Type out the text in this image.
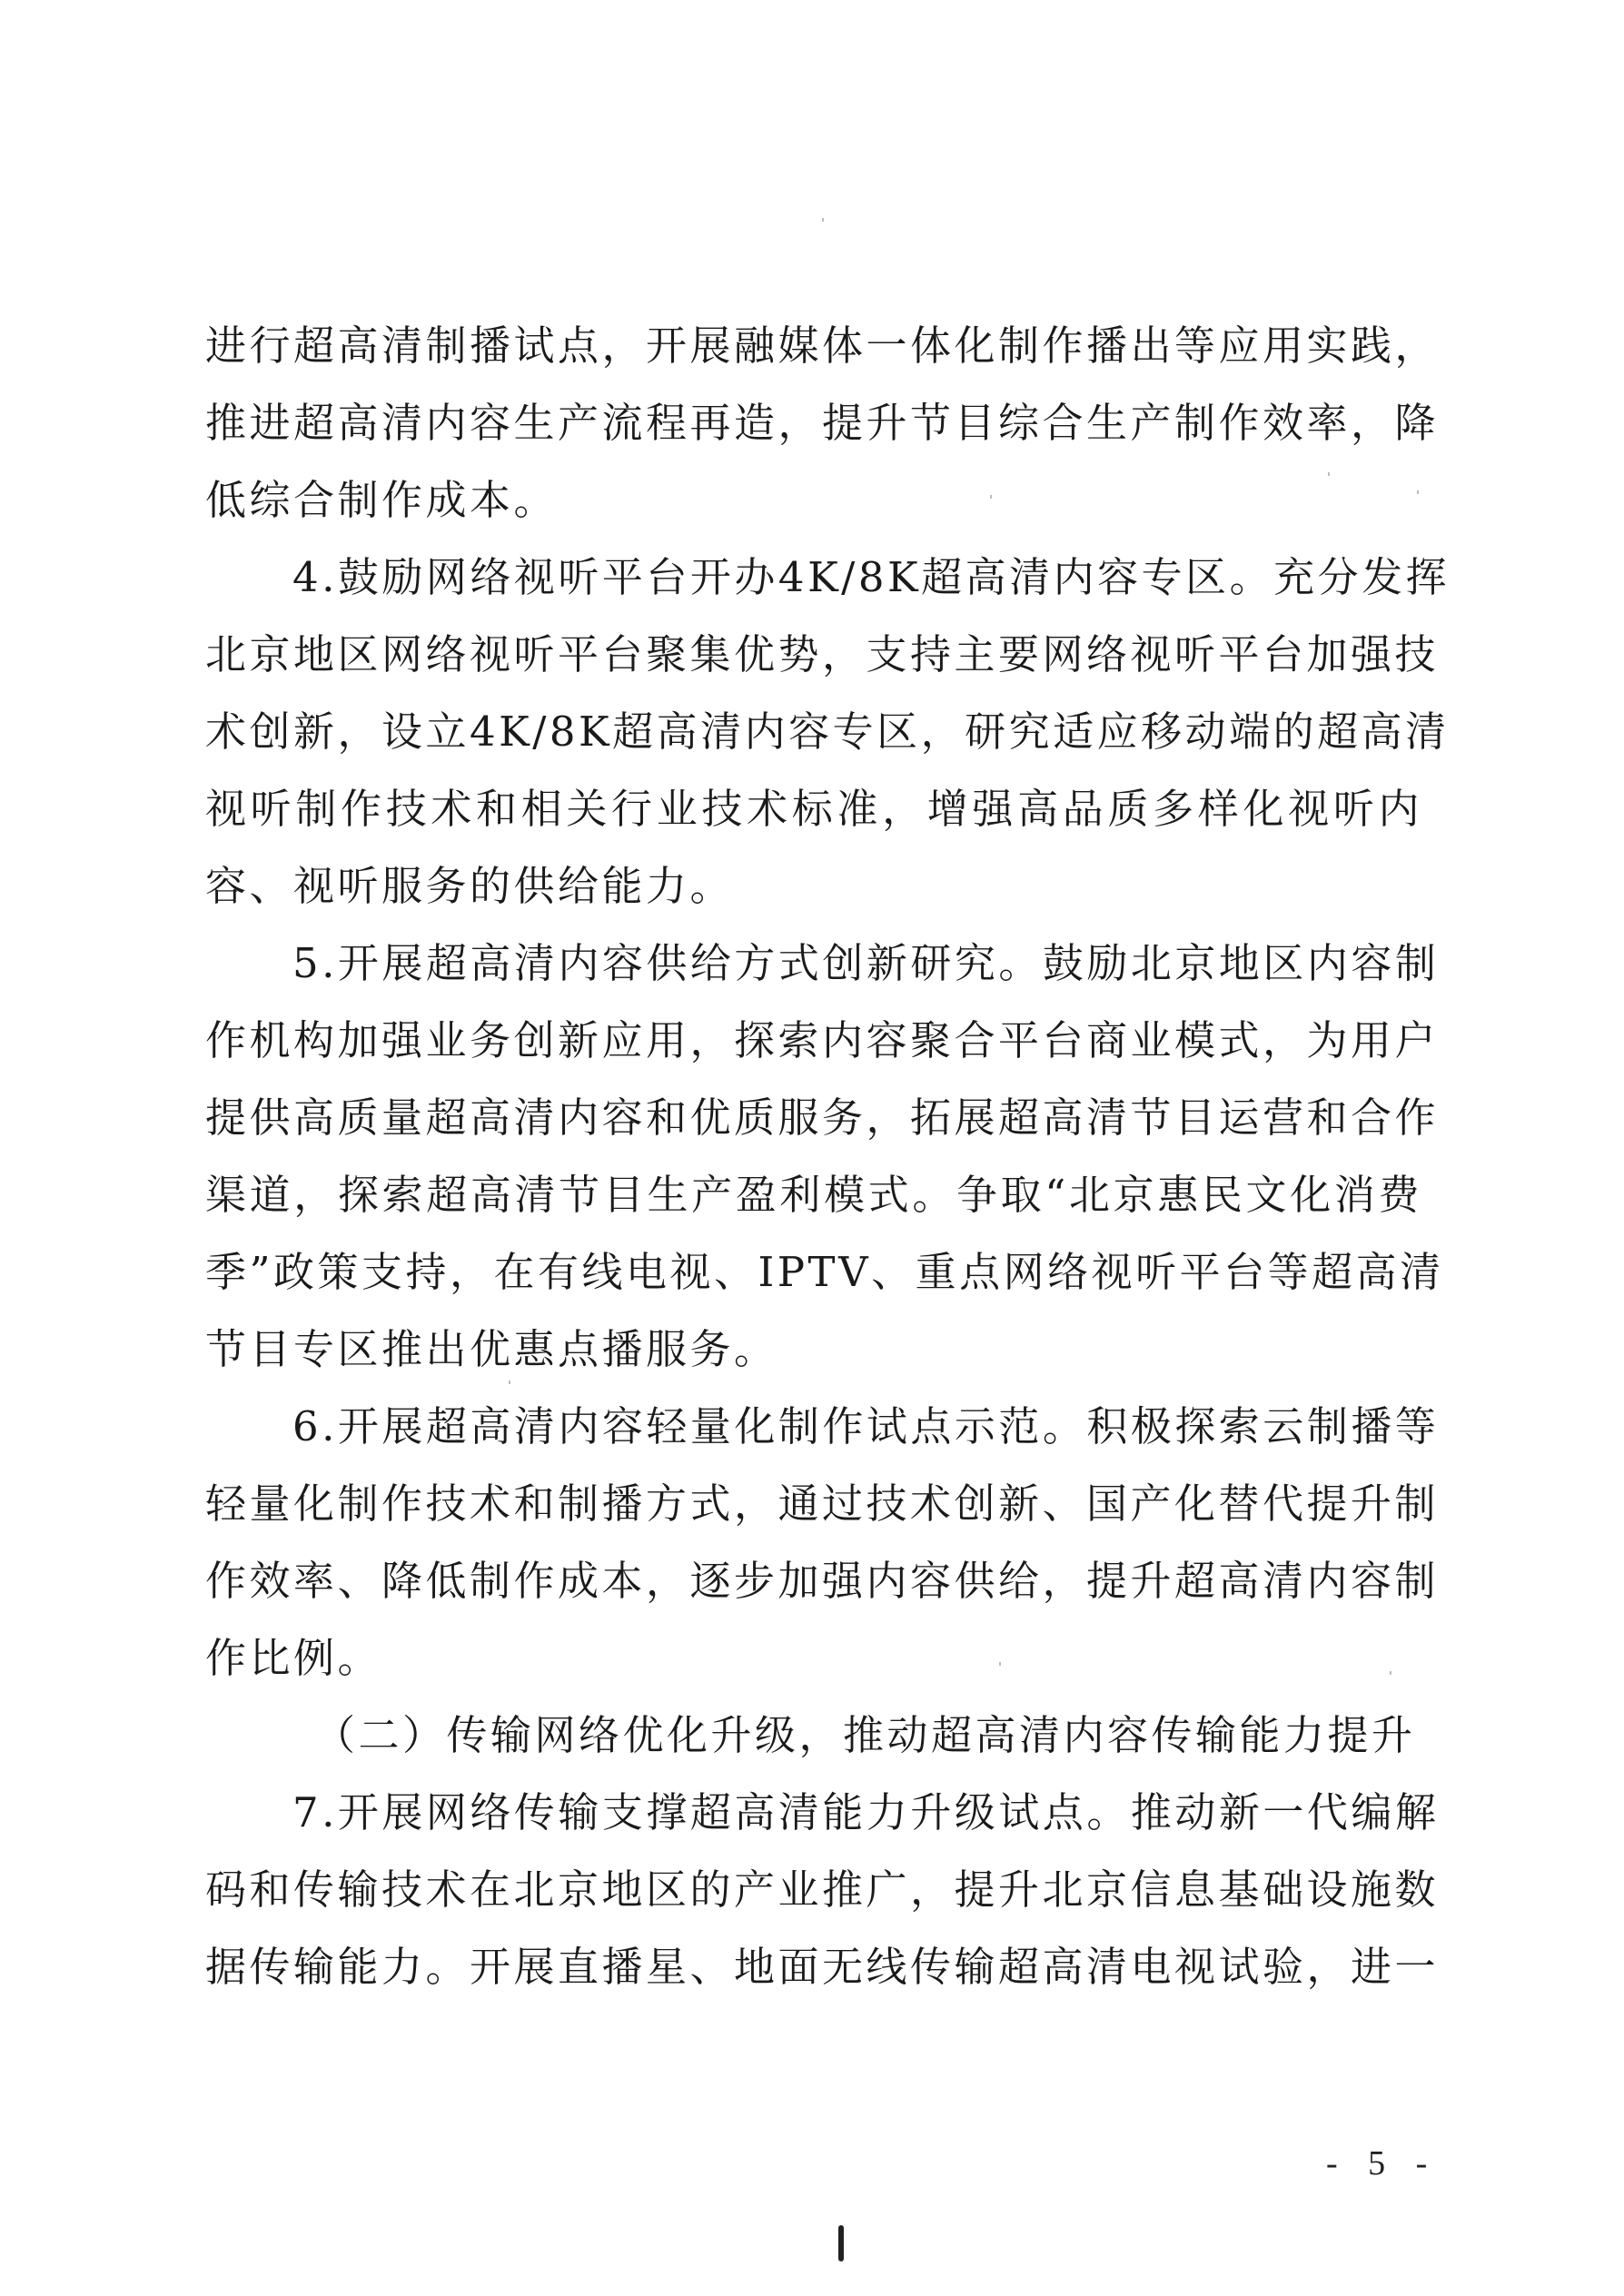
进行超高清制播试点，开展融媒体一体化制作播出等应用实践，
推进超高清内容生产流程再造，提升节目综合生产制作效率，降
低综合制作成本。
4.鼓励网络视听平台开办4K/8K超高清内容专区。充分发挥
北京地区网络视听平台聚集优势，支持主要网络视听平台加强技
术创新，设立4K/8K超高清内容专区，研究适应移动端的超高清
视听制作技术和相关行业技术标准，增强高品质多样化视听内
容、视听服务的供给能力。
5.开展超高清内容供给方式创新研究。鼓励北京地区内容制
作机构加强业务创新应用，探索内容聚合平台商业模式，为用户
提供高质量超高清内容和优质服务，拓展超高清节目运营和合作
渠道，探索超高清节目生产盈利模式。争取“北京惠民文化消费
季”政策支持，在有线电视、IPTV、重点网络视听平台等超高清
节目专区推出优惠点播服务。
6.开展超高清内容轻量化制作试点示范。积极探索云制播等
轻量化制作技术和制播方式，通过技术创新、国产化替代提升制
作效率、降低制作成本，逐步加强内容供给，提升超高清内容制
作比例。
（二）传输网络优化升级，推动超高清内容传输能力提升
7.开展网络传输支撑超高清能力升级试点。推动新一代编解
码和传输技术在北京地区的产业推广，提升北京信息基础设施数
据传输能力。开展直播星、地面无线传输超高清电视试验，进一
- 5 -
